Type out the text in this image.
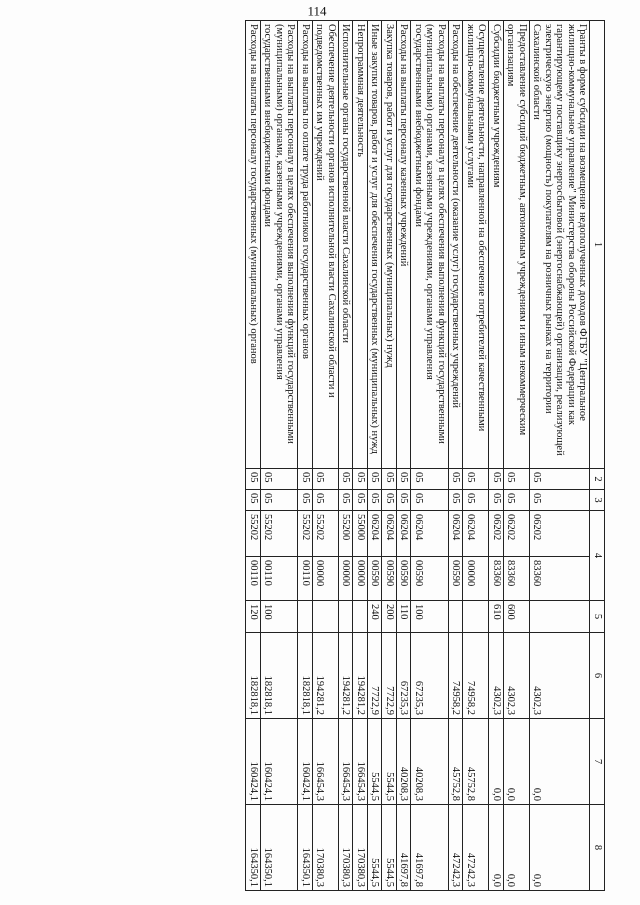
114
1	2	3	4		5	6	7	8
Гранты в форме субсидии на возмещение недополученных доходов ФГБУ "Центральное жилищно-коммунальное управление" Министерства обороны Российской Федерации как гарантирующему поставщику энергосбытовой (энергоснабжающей) организации, реализующей электрическую энергию (мощность) покупателям на розничных рынках на территории Сахалинской области	05	05	06202	83360		4302,3	0,0	0,0
Предоставление субсидий бюджетным, автономным учреждениям и иным некоммерческим организациям	05	05	06202	83360	600	4302,3	0,0	0,0
Субсидии бюджетным учреждениям	05	05	06202	83360	610	4302,3	0,0	0,0
Осуществление деятельности, направленной на обеспечение потребителей качественными жилищно-коммунальными услугами	05	05	06204	00000		74958,2	45752,8	47242,3
Расходы на обеспечение деятельности (оказание услуг) государственных учреждений	05	05	06204	00590		74958,2	45752,8	47242,3
Расходы на выплаты персоналу в целях обеспечения выполнения функций государственными (муниципальными) органами, казенными учреждениями, органами управления государственными внебюджетными фондами	05	05	06204	00590	100	67235,3	40208,3	41697,8
Расходы на выплаты персоналу казенных учреждений	05	05	06204	00590	110	67235,3	40208,3	41697,8
Закупка товаров, работ и услуг для государственных (муниципальных) нужд	05	05	06204	00590	200	7722,9	5544,5	5544,5
Иные закупки товаров, работ и услуг для обеспечения государственных (муниципальных) нужд	05	05	06204	00590	240	7722,9	5544,5	5544,5
Непрограммная деятельность	05	05	55000	00000		194281,2	166454,3	170380,3
Исполнительные органы государственной власти Сахалинской области	05	05	55200	00000		194281,2	166454,3	170380,3
Обеспечение деятельности органов исполнительной власти Сахалинской области и подведомственных им учреждений	05	05	55202	00000		194281,2	166454,3	170380,3
Расходы на выплаты по оплате труда работников государственных органов	05	05	55202	00110		182818,1	160424,1	164350,1
Расходы на выплаты персоналу в целях обеспечения выполнения функций государственными (муниципальными) органами, казенными учреждениями, органами управления государственными внебюджетными фондами	05	05	55202	00110	100	182818,1	160424,1	164350,1
Расходы на выплаты персоналу государственных (муниципальных) органов	05	05	55202	00110	120	182818,1	160424,1	164350,1
